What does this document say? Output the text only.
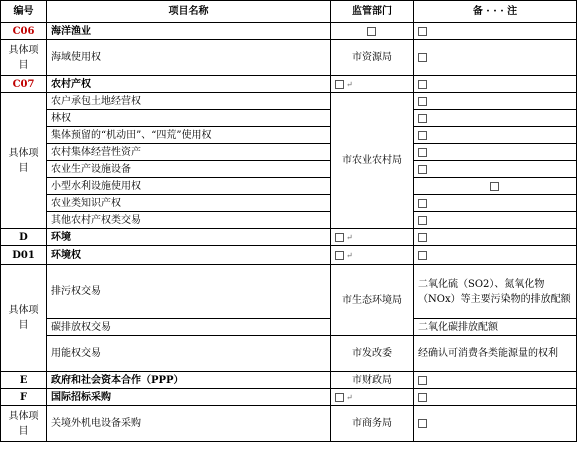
编号	项目名称	监管部门	备 · · · 注
C06	海洋渔业		
具体项目	海域使用权	市资源局	
C07	农村产权	↵	
具体项目	农户承包土地经营权	市农业农村局	
	林权		
	集体预留的“机动田”、“四荒”使用权		
	农村集体经营性资产		
	农业生产设施设备		
	小型水利设施使用权		
	农业类知识产权		
	其他农村产权类交易		
D	环境	↵	
D01	环境权	↵	
具体项目	排污权交易	市生态环境局	二氧化硫（SO2）、氮氧化物（NOx）等主要污染物的排放配额
	碳排放权交易		二氧化碳排放配额
	用能权交易	市发改委	经确认可消费各类能源量的权利
E	政府和社会资本合作（PPP）	市财政局	
F	国际招标采购	↵	
具体项目	关境外机电设备采购	市商务局	
